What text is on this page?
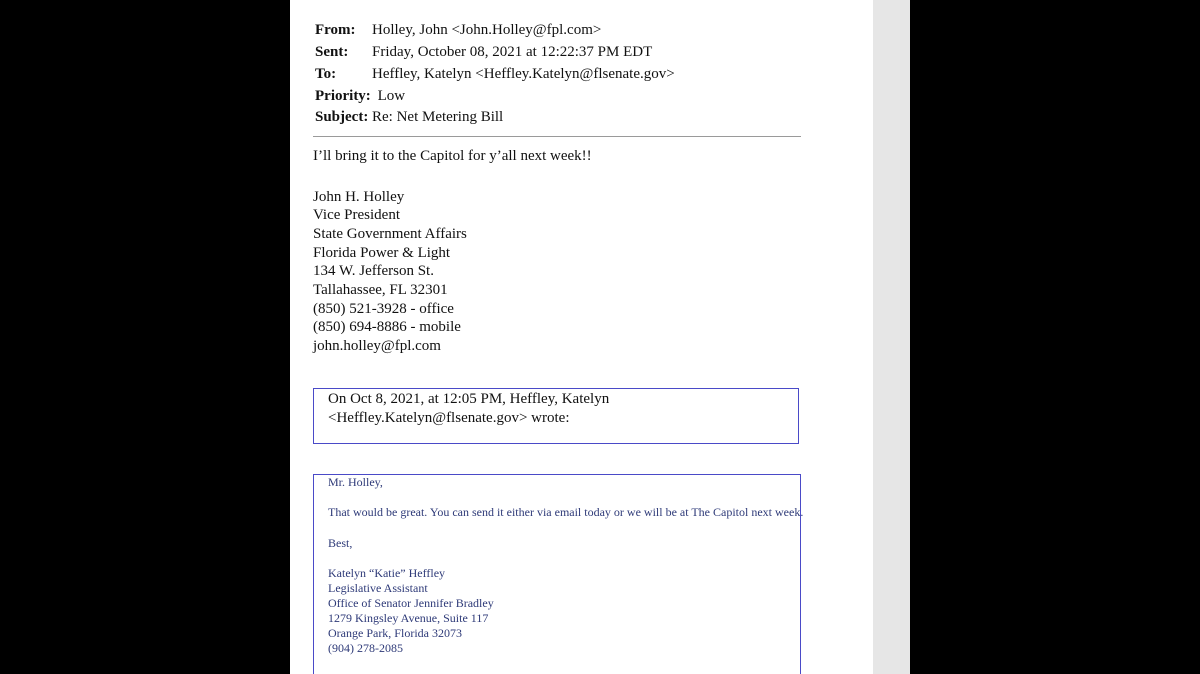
From: Holley, John <John.Holley@fpl.com>
Sent: Friday, October 08, 2021 at 12:22:37 PM EDT
To: Heffley, Katelyn <Heffley.Katelyn@flsenate.gov>
Priority: Low
Subject: Re: Net Metering Bill
I’ll bring it to the Capitol for y’all next week!!
John H. Holley
Vice President
State Government Affairs
Florida Power & Light
134 W. Jefferson St.
Tallahassee, FL 32301
(850) 521-3928 - office
(850) 694-8886 - mobile
john.holley@fpl.com
On Oct 8, 2021, at 12:05 PM, Heffley, Katelyn <Heffley.Katelyn@flsenate.gov> wrote:
Mr. Holley,
That would be great. You can send it either via email today or we will be at The Capitol next week.
Best,
Katelyn “Katie” Heffley
Legislative Assistant
Office of Senator Jennifer Bradley
1279 Kingsley Avenue, Suite 117
Orange Park, Florida 32073
(904) 278-2085
